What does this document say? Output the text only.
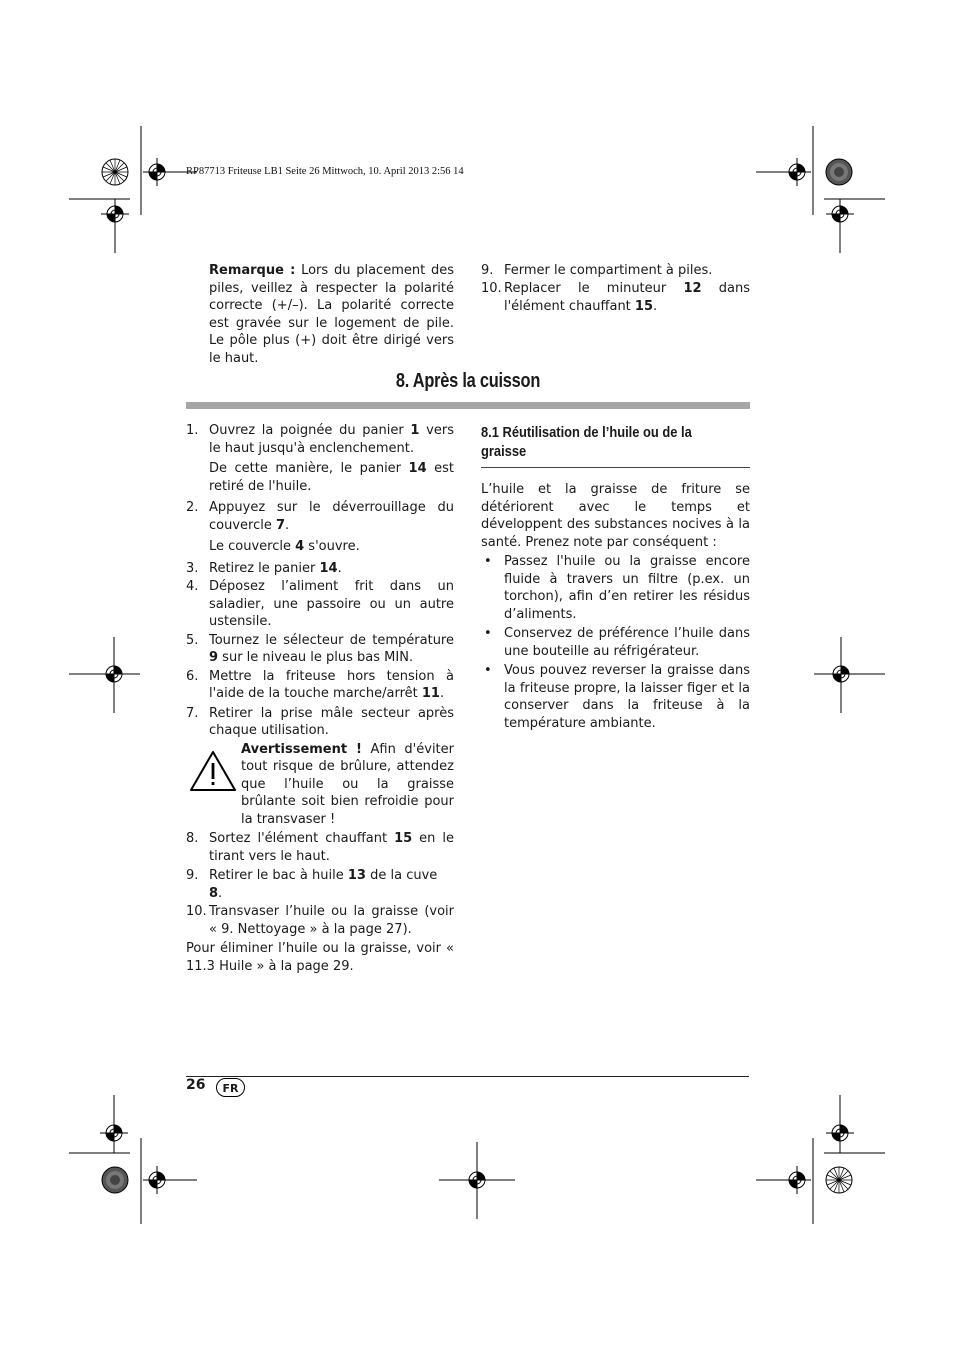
RP87713 Friteuse LB1 Seite 26 Mittwoch, 10. April 2013 2:56 14
Remarque : Lors du placement des piles, veillez à respecter la polarité correcte (+/–). La polarité correcte est gravée sur le logement de pile. Le pôle plus (+) doit être dirigé vers le haut.
9. Fermer le compartiment à piles.
10. Replacer le minuteur 12 dans l'élément chauffant 15.
8. Après la cuisson
1. Ouvrez la poignée du panier 1 vers le haut jusqu'à enclenchement.
De cette manière, le panier 14 est retiré de l'huile.
2. Appuyez sur le déverrouillage du couvercle 7.
Le couvercle 4 s'ouvre.
3. Retirez le panier 14.
4. Déposez l’aliment frit dans un saladier, une passoire ou un autre ustensile.
5. Tournez le sélecteur de température 9 sur le niveau le plus bas MIN.
6. Mettre la friteuse hors tension à l'aide de la touche marche/arrêt 11.
7. Retirer la prise mâle secteur après chaque utilisation.
Avertissement ! Afin d'éviter tout risque de brûlure, attendez que l’huile ou la graisse brûlante soit bien refroidie pour la transvaser !
8. Sortez l'élément chauffant 15 en le tirant vers le haut.
9. Retirer le bac à huile 13 de la cuve 8.
10. Transvaser l’huile ou la graisse (voir « 9. Nettoyage » à la page 27).
Pour éliminer l’huile ou la graisse, voir « 11.3 Huile » à la page 29.
8.1 Réutilisation de l’huile ou de la graisse
L’huile et la graisse de friture se détériorent avec le temps et développent des substances nocives à la santé. Prenez note par conséquent :
• Passez l'huile ou la graisse encore fluide à travers un filtre (p.ex. un torchon), afin d’en retirer les résidus d’aliments.
• Conservez de préférence l’huile dans une bouteille au réfrigérateur.
• Vous pouvez reverser la graisse dans la friteuse propre, la laisser figer et la conserver dans la friteuse à la température ambiante.
26	FR
